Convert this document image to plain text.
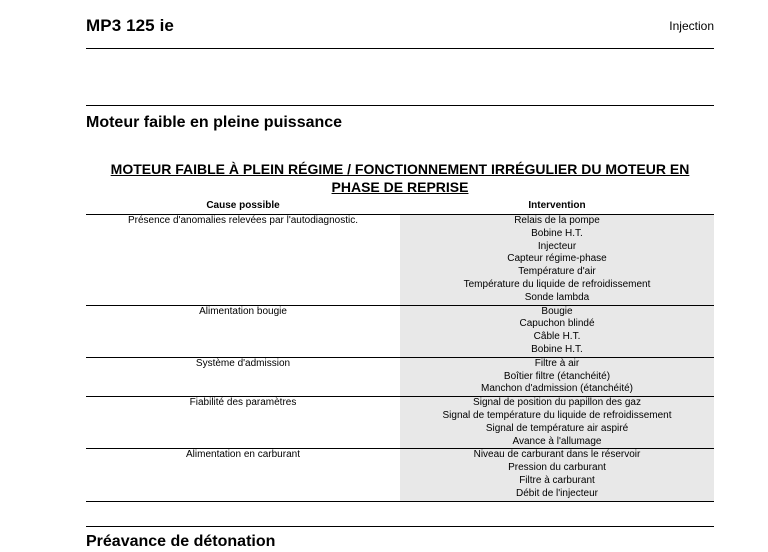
MP3 125 ie	Injection
Moteur faible en pleine puissance
MOTEUR FAIBLE À PLEIN RÉGIME / FONCTIONNEMENT IRRÉGULIER DU MOTEUR EN PHASE DE REPRISE
Cause possible	Intervention
Présence d'anomalies relevées par l'autodiagnostic.	Relais de la pompe
Bobine H.T.
Injecteur
Capteur régime-phase
Température d'air
Température du liquide de refroidissement
Sonde lambda
Alimentation bougie	Bougie
Capuchon blindé
Câble H.T.
Bobine H.T.
Système d'admission	Filtre à air
Boîtier filtre (étanchéité)
Manchon d'admission (étanchéité)
Fiabilité des paramètres	Signal de position du papillon des gaz
Signal de température du liquide de refroidissement
Signal de température air aspiré
Avance à l'allumage
Alimentation en carburant	Niveau de carburant dans le réservoir
Pression du carburant
Filtre à carburant
Débit de l'injecteur
Préavance de détonation
